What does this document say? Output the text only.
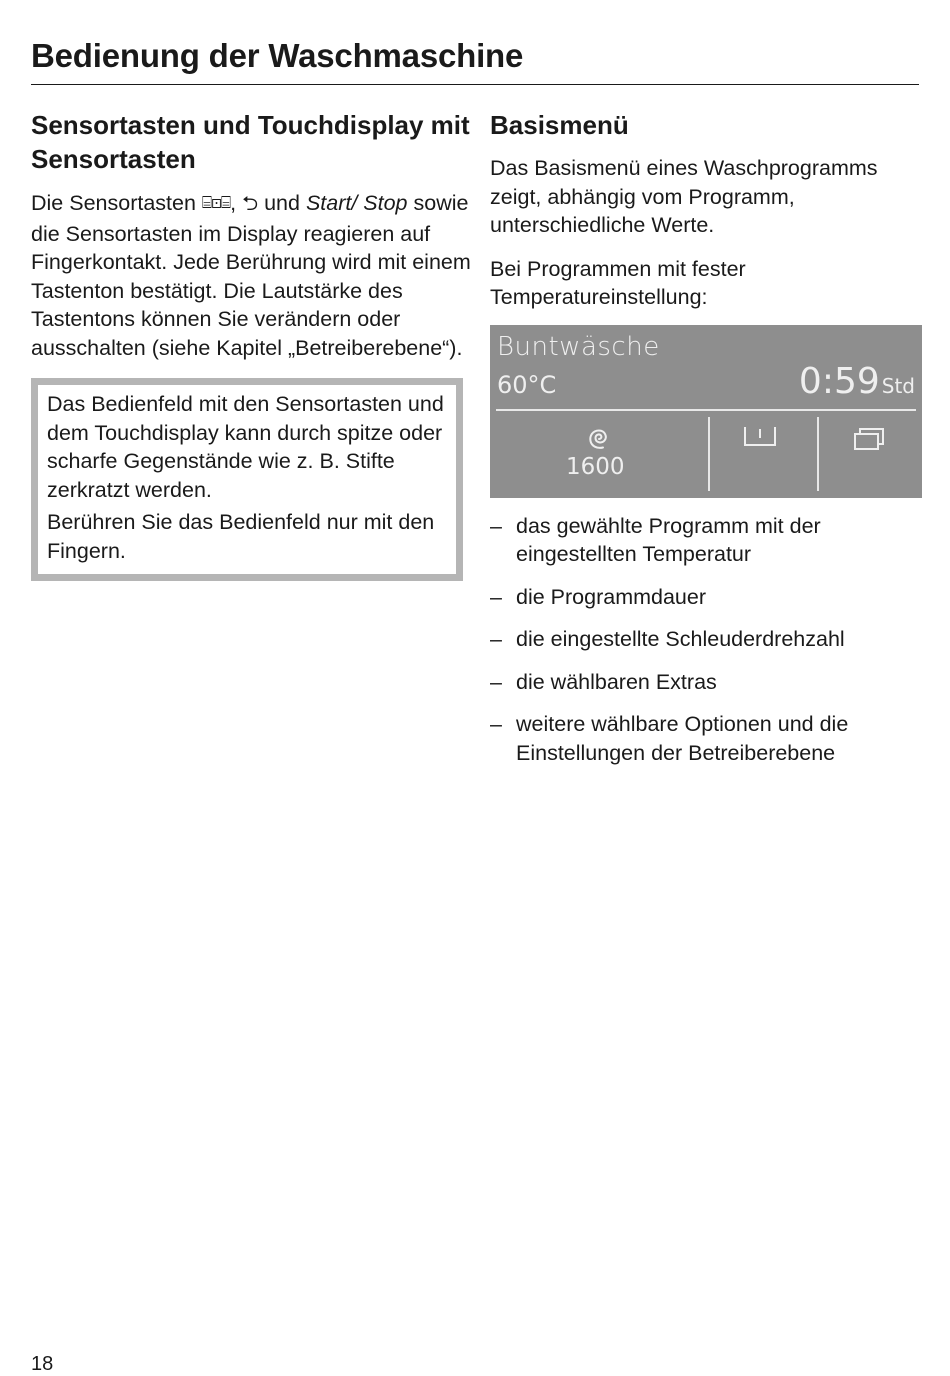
Bedienung der Waschmaschine
Sensortasten und Touchdisplay mit Sensortasten

Die Sensortasten ⌸⊡⌸, ⮌ und Start/ Stop sowie die Sensortasten im Display reagieren auf Fingerkontakt. Jede Berührung wird mit einem Tastenton bestätigt. Die Lautstärke des Tastentons können Sie verändern oder ausschalten (siehe Kapitel „Betreiberebene“).

Das Bedienfeld mit den Sensortasten und dem Touchdisplay kann durch spitze oder scharfe Gegenstände wie z. B. Stifte zerkratzt werden.

Berühren Sie das Bedienfeld nur mit den Fingern.

Basismenü

Das Basismenü eines Waschprogramms zeigt, abhängig vom Programm, unterschiedliche Werte.

Bei Programmen mit fester Temperatureinstellung:

Buntwäsche
60°C	0:59 Std
1600
– das gewählte Programm mit der eingestellten Temperatur
– die Programmdauer
– die eingestellte Schleuderdrehzahl
– die wählbaren Extras
– weitere wählbare Optionen und die Einstellungen der Betreiberebene
18
